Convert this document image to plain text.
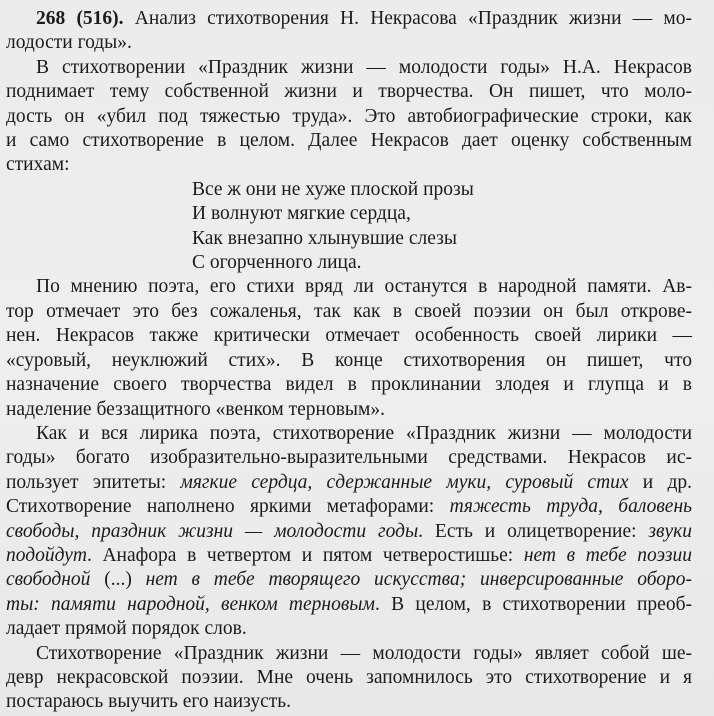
268 (516). Анализ стихотворения Н. Некрасова «Праздник жизни — мо-
лодости годы».
В стихотворении «Праздник жизни — молодости годы» Н.А. Некрасов
поднимает тему собственной жизни и творчества. Он пишет, что моло-
дость он «убил под тяжестью труда». Это автобиографические строки, как
и само стихотворение в целом. Далее Некрасов дает оценку собственным
стихам:
Все ж они не хуже плоской прозы
И волнуют мягкие сердца,
Как внезапно хлынувшие слезы
С огорченного лица.
По мнению поэта, его стихи вряд ли останутся в народной памяти. Ав-
тор отмечает это без сожаленья, так как в своей поэзии он был открове-
нен. Некрасов также критически отмечает особенность своей лирики —
«суровый, неуклюжий стих». В конце стихотворения он пишет, что
назначение своего творчества видел в проклинании злодея и глупца и в
наделение беззащитного «венком терновым».
Как и вся лирика поэта, стихотворение «Праздник жизни — молодости
годы» богато изобразительно-выразительными средствами. Некрасов ис-
пользует эпитеты: мягкие сердца, сдержанные муки, суровый стих и др.
Стихотворение наполнено яркими метафорами: тяжесть труда, баловень
свободы, праздник жизни — молодости годы. Есть и олицетворение: звуки
подойдут. Анафора в четвертом и пятом четверостишье: нет в тебе поэзии
свободной (...) нет в тебе творящего искусства; инверсированные оборо-
ты: памяти народной, венком терновым. В целом, в стихотворении преоб-
ладает прямой порядок слов.
Стихотворение «Праздник жизни — молодости годы» являет собой ше-
девр некрасовской поэзии. Мне очень запомнилось это стихотворение и я
постараюсь выучить его наизусть.
